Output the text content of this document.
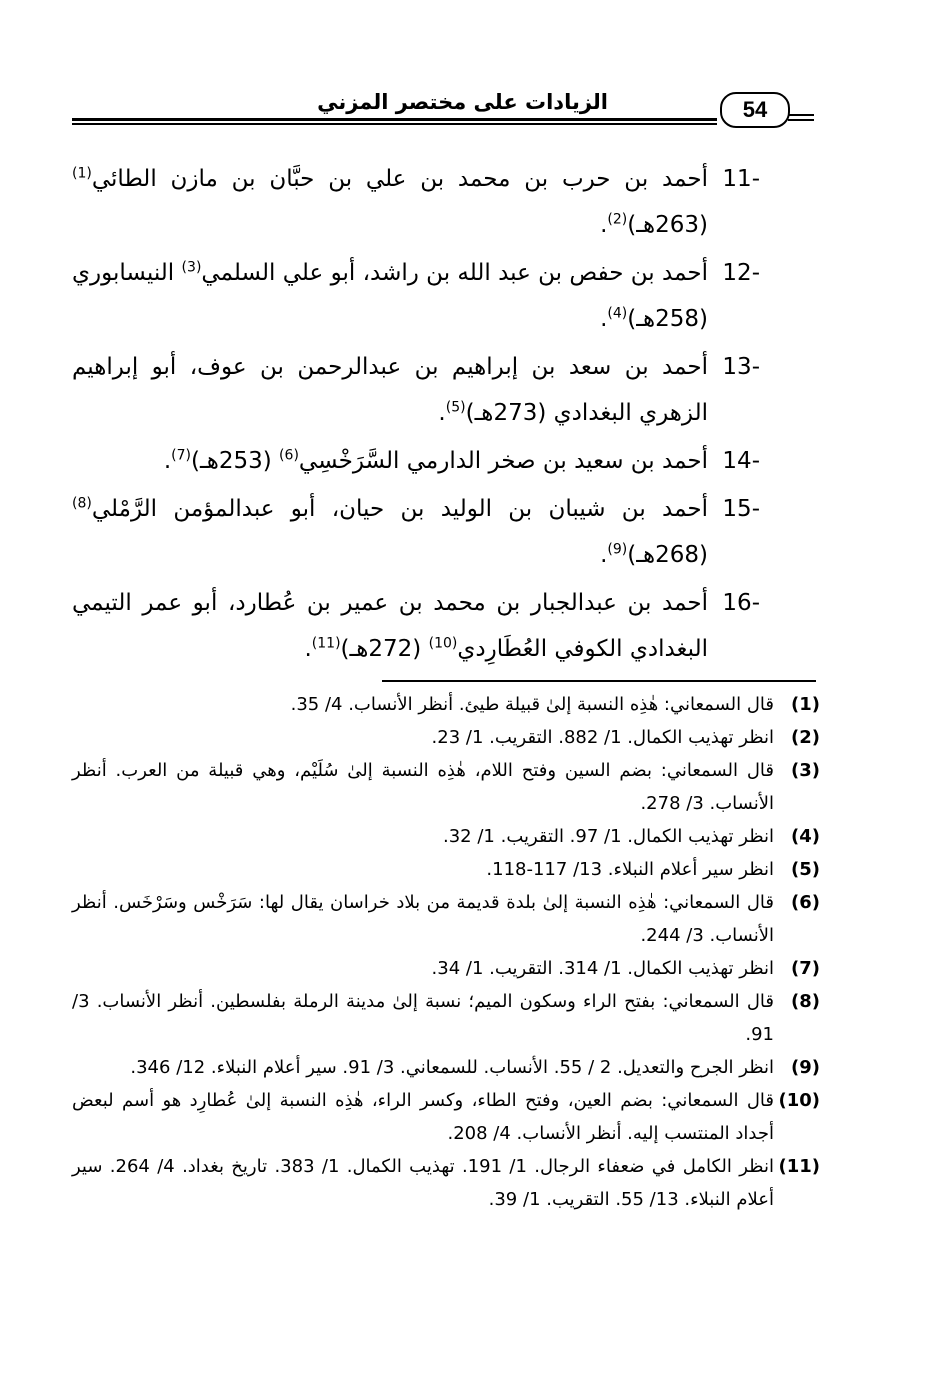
الزيادات على مختصر المزني	54
11-
أحمد بن حرب بن محمد بن علي بن حبَّان بن مازن الطائي$^{(1)}$ (263هـ)$^{(2)}$.
12-
أحمد بن حفص بن عبد الله بن راشد، أبو علي السلمي$^{(3)}$ النيسابوري (258هـ)$^{(4)}$.
13-
أحمد بن سعد بن إبراهيم بن عبدالرحمن بن عوف، أبو إبراهيم الزهري البغدادي (273هـ)$^{(5)}$.
14-
أحمد بن سعيد بن صخر الدارمي السَّرَخْسِي$^{(6)}$ (253هـ)$^{(7)}$.
15-
أحمد بن شيبان بن الوليد بن حيان، أبو عبدالمؤمن الرَّمْلي$^{(8)}$ (268هـ)$^{(9)}$.
16-
أحمد بن عبدالجبار بن محمد بن عمير بن عُطارد، أبو عمر التيمي البغدادي الكوفي العُطَارِدي$^{(10)}$ (272هـ)$^{(11)}$.
(1)
قال السمعاني: هٰذِه النسبة إلىٰ قبيلة طيئ. أنظر الأنساب. 4/ 35.
(2)
انظر تهذيب الكمال. 1/ 882. التقريب. 1/ 23.
(3)
قال السمعاني: بضم السين وفتح اللام، هٰذِه النسبة إلىٰ سُلَيْم، وهي قبيلة من العرب. أنظر الأنساب. 3/ 278.
(4)
انظر تهذيب الكمال. 1/ 97. التقريب. 1/ 32.
(5)
انظر سير أعلام النبلاء. 13/ 117-118.
(6)
قال السمعاني: هٰذِه النسبة إلىٰ بلدة قديمة من بلاد خراسان يقال لها: سَرَخْس وسَرْخَس. أنظر الأنساب. 3/ 244.
(7)
انظر تهذيب الكمال. 1/ 314. التقريب. 1/ 34.
(8)
قال السمعاني: بفتح الراء وسكون الميم؛ نسبة إلىٰ مدينة الرملة بفلسطين. أنظر الأنساب. 3/ 91.
(9)
انظر الجرح والتعديل. 2 / 55. الأنساب. للسمعاني. 3/ 91. سير أعلام النبلاء. 12/ 346.
(10)
قال السمعاني: بضم العين، وفتح الطاء، وكسر الراء، هٰذِه النسبة إلىٰ عُطارِد هو أسم لبعض أجداد المنتسب إليه. أنظر الأنساب. 4/ 208.
(11)
انظر الكامل في ضعفاء الرجال. 1/ 191. تهذيب الكمال. 1/ 383. تاريخ بغداد. 4/ 264. سير أعلام النبلاء. 13/ 55. التقريب. 1/ 39.
